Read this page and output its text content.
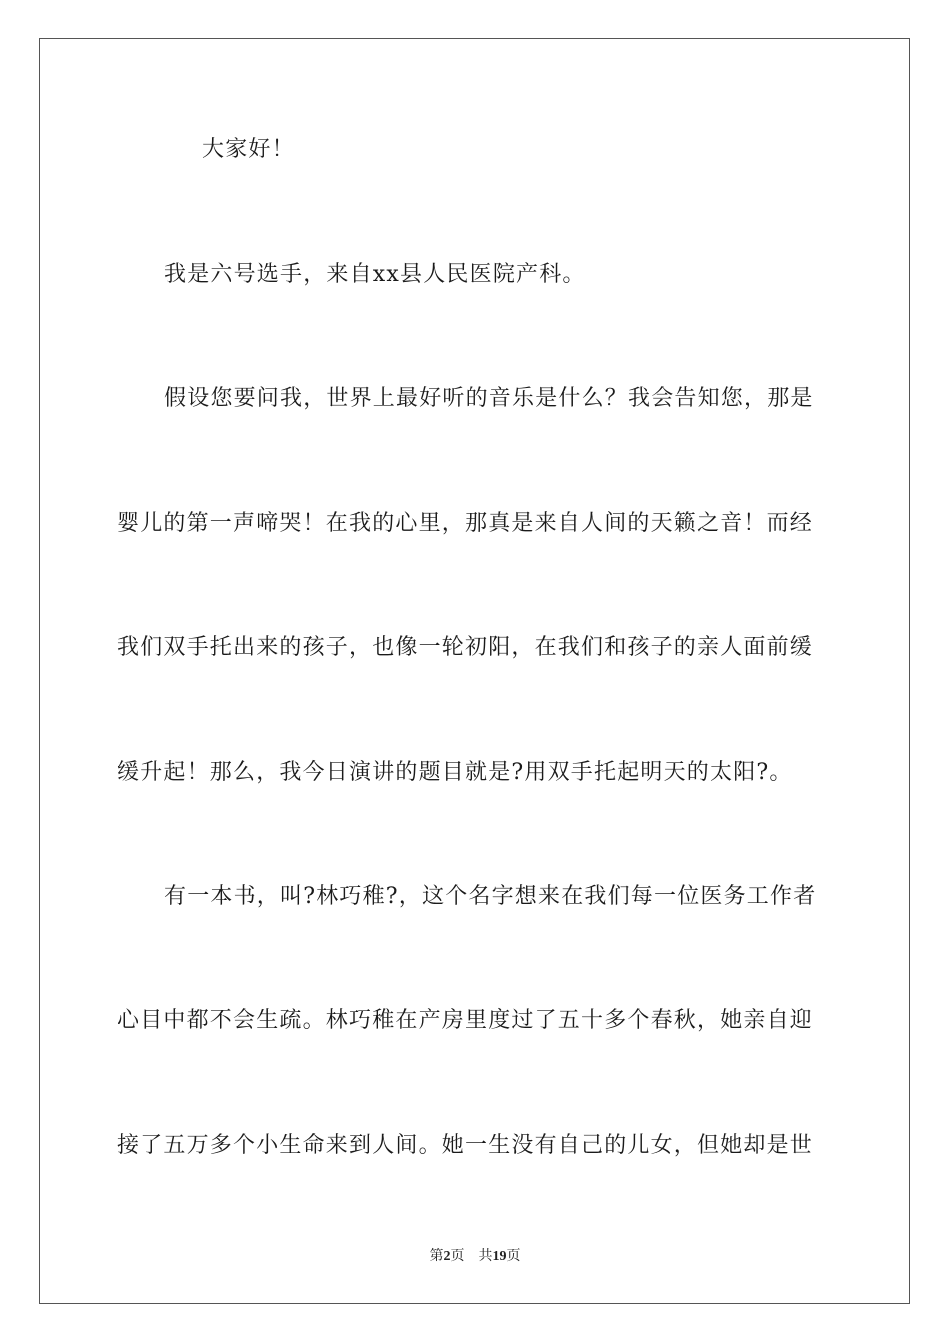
大家好！
我是六号选手，来自xx县人民医院产科。
假设您要问我，世界上最好听的音乐是什么？我会告知您，那是
婴儿的第一声啼哭！在我的心里，那真是来自人间的天籁之音！而经
我们双手托出来的孩子，也像一轮初阳，在我们和孩子的亲人面前缓
缓升起！那么，我今日演讲的题目就是?用双手托起明天的太阳?。
有一本书，叫?林巧稚?，这个名字想来在我们每一位医务工作者
心目中都不会生疏。林巧稚在产房里度过了五十多个春秋，她亲自迎
接了五万多个小生命来到人间。她一生没有自己的儿女，但她却是世
第2页 共19页
